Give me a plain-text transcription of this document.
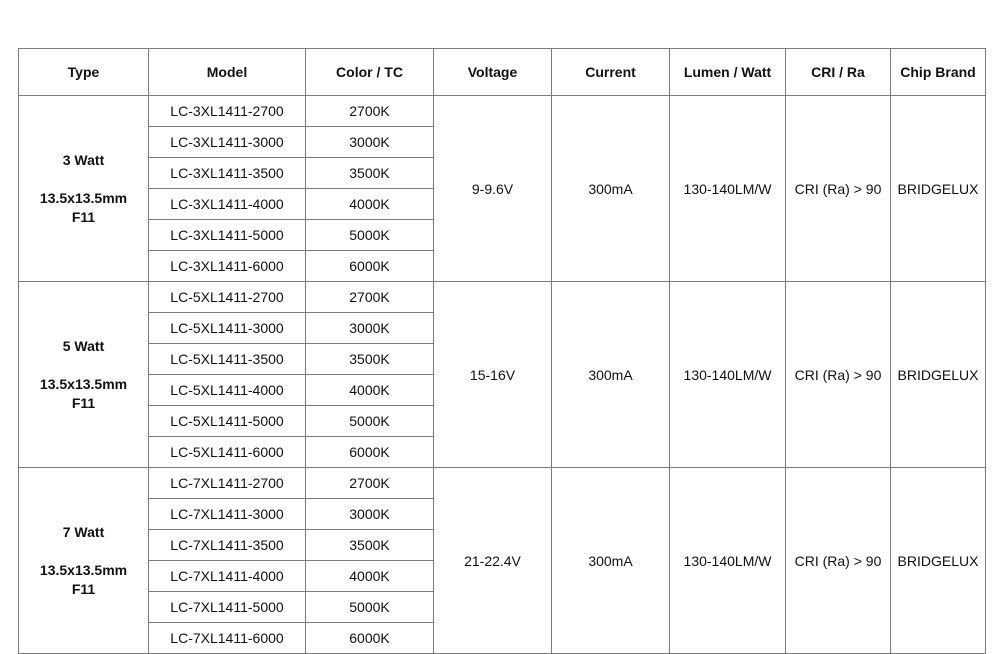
Type	Model	Color / TC	Voltage	Current	Lumen / Watt	CRI / Ra	Chip Brand

3 Watt
13.5x13.5mm
F11	LC-3XL1411-2700	2700K	9-9.6V	300mA	130-140LM/W	CRI (Ra) > 90	BRIDGELUX
	LC-3XL1411-3000	3000K					
	LC-3XL1411-3500	3500K					
	LC-3XL1411-4000	4000K					
	LC-3XL1411-5000	5000K					
	LC-3XL1411-6000	6000K					

5 Watt
13.5x13.5mm
F11	LC-5XL1411-2700	2700K	15-16V	300mA	130-140LM/W	CRI (Ra) > 90	BRIDGELUX
	LC-5XL1411-3000	3000K					
	LC-5XL1411-3500	3500K					
	LC-5XL1411-4000	4000K					
	LC-5XL1411-5000	5000K					
	LC-5XL1411-6000	6000K					

7 Watt
13.5x13.5mm
F11	LC-7XL1411-2700	2700K	21-22.4V	300mA	130-140LM/W	CRI (Ra) > 90	BRIDGELUX
	LC-7XL1411-3000	3000K					
	LC-7XL1411-3500	3500K					
	LC-7XL1411-4000	4000K					
	LC-7XL1411-5000	5000K					
	LC-7XL1411-6000	6000K					
